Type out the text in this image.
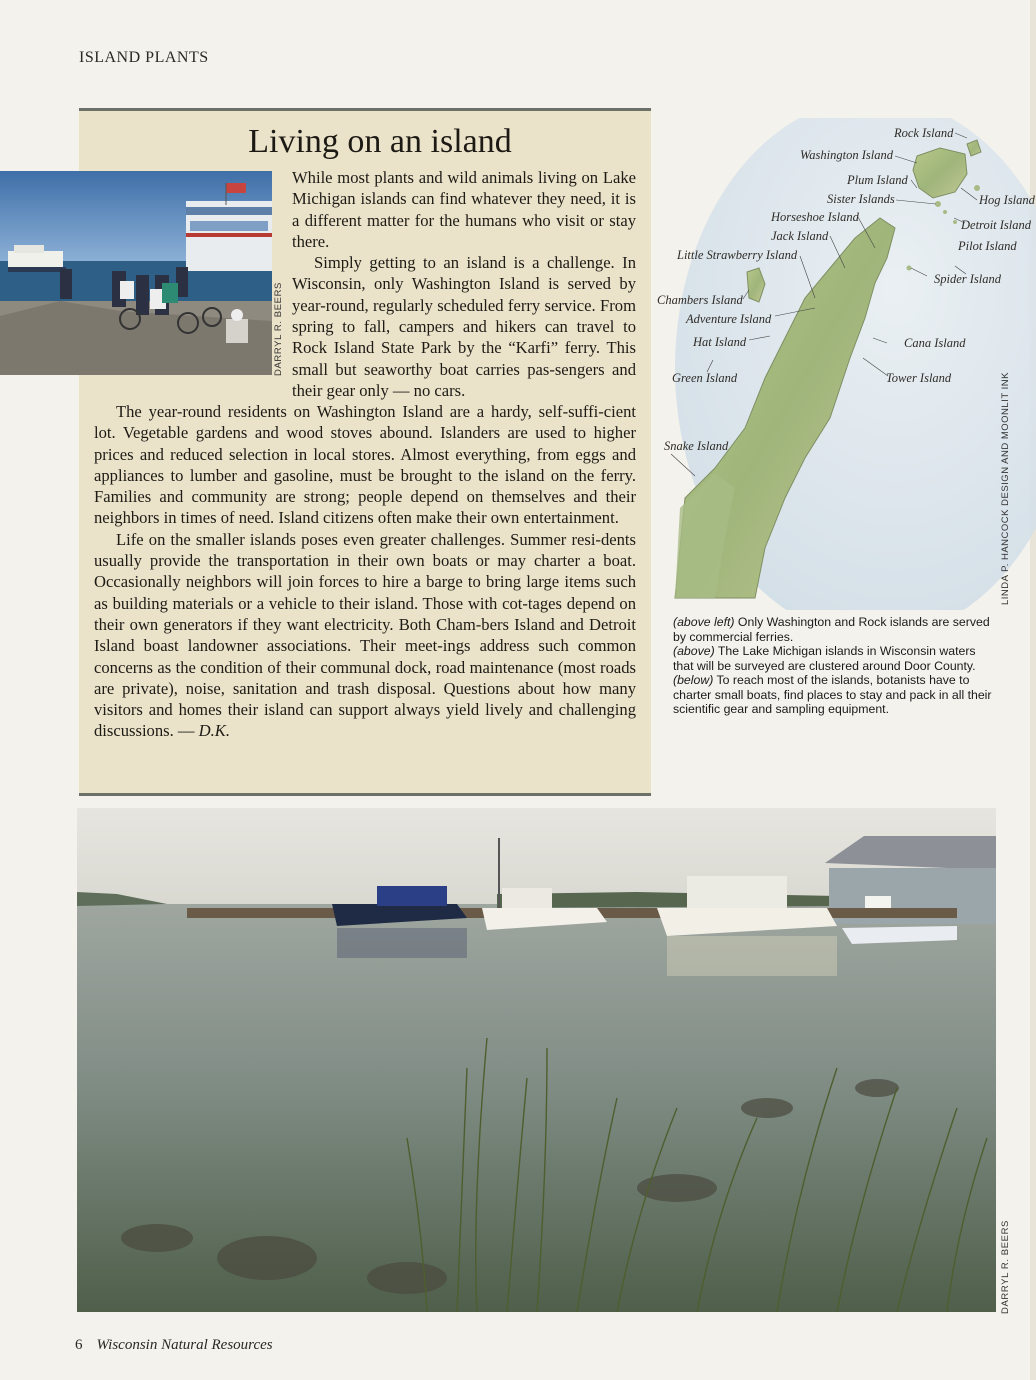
ISLAND PLANTS
Living on an island
DARRYL R. BEERS

While most plants and wild animals living on Lake Michigan islands can find whatever they need, it is a different matter for the humans who visit or stay there.

Simply getting to an island is a challenge. In Wisconsin, only Washington Island is served by year-round, regularly scheduled ferry service. From spring to fall, campers and hikers can travel to Rock Island State Park by the “Karfi” ferry. This small but seaworthy boat carries pas-sengers and their gear only — no cars.

The year-round residents on Washington Island are a hardy, self-suffi-cient lot. Vegetable gardens and wood stoves abound. Islanders are used to higher prices and reduced selection in local stores. Almost everything, from eggs and appliances to lumber and gasoline, must be brought to the island on the ferry. Families and community are strong; people depend on themselves and their neighbors in times of need. Island citizens often make their own entertainment.

Life on the smaller islands poses even greater challenges. Summer resi-dents usually provide the transportation in their own boats or may charter a boat. Occasionally neighbors will join forces to hire a barge to bring large items such as building materials or a vehicle to their island. Those with cot-tages depend on their own generators if they want electricity. Both Cham-bers Island and Detroit Island boast landowner associations. Their meet-ings address such common concerns as the condition of their communal dock, road maintenance (most roads are private), noise, sanitation and trash disposal. Questions about how many visitors and homes their island can support always yield lively and challenging discussions. — D.K.

Rock Island
Washington Island
Plum Island
Sister Islands	Hog Island
Horseshoe Island
Detroit Island
Jack Island
Pilot Island
Little Strawberry Island
Spider Island
Chambers Island
Adventure Island
Hat Island	Cana Island
Green Island	Tower Island
Snake Island	LINDA P. HANCOCK DESIGN AND MOONLIT INK
(above left) Only Washington and Rock islands are served by commercial ferries.
(above) The Lake Michigan islands in Wisconsin waters that will be surveyed are clustered around Door County.
(below) To reach most of the islands, botanists have to charter small boats, find places to stay and pack in all their scientific gear and sampling equipment.
DARRYL R. BEERS
6 Wisconsin Natural Resources
